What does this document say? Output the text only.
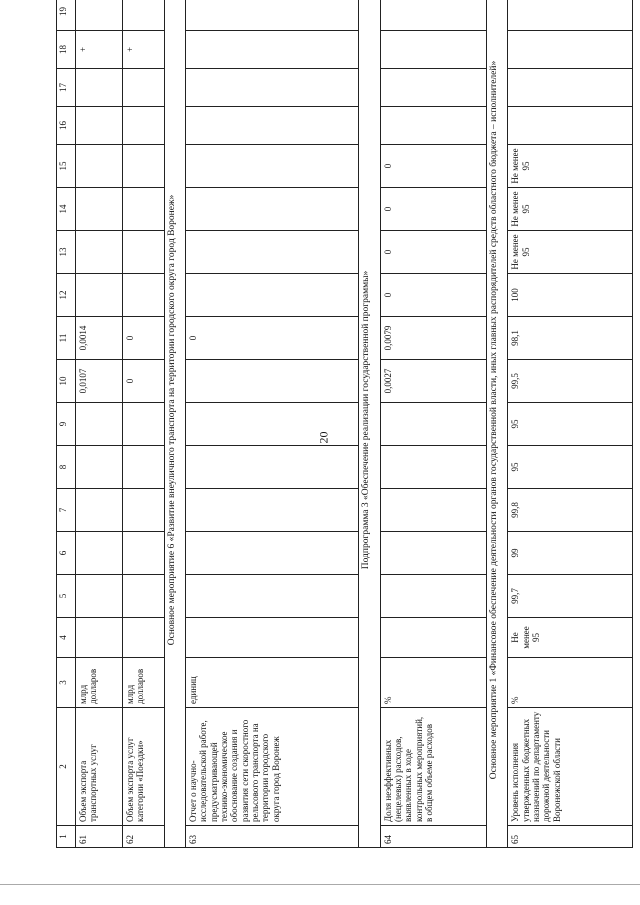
20
1	2	3	4	5	6	7	8	9	10	11	12	13	14	15	16	17	18	19
61	Объем экспорта транспортных услуг	млрд долларов							0,0107	0,0014							+	
62	Объем экспорта услуг категории «Поездки»	млрд долларов							0	0							+	
Основное мероприятие 6 «Развитие внеуличного транспорта на территории городского округа город Воронеж»																		
63	Отчет о научно-исследовательской работе, предусматривающей технико-экономическое обоснование создания и развития сети скоростного рельсового транспорта на территории городского округа город Воронеж	единиц								0								
Подпрограмма 3 «Обеспечение реализации государственной программы»																		
64	Доля неэффективных (нецелевых) расходов, выявленных в ходе контрольных мероприятий, в общем объеме расходов	%							0,0027	0,0079	0	0	0	0				
Основное мероприятие 1 «Финансовое обеспечение деятельности органов государственной власти, иных главных распорядителей средств областного бюджета – исполнителей»																		
65	Уровень исполнения утвержденных бюджетных назначений по департаменту дорожной деятельности Воронежской области	%	Не менее 95	99,7	99	99,8	95	95	99,5	98,1	100	Не менее 95	Не менее 95	Не менее 95				
